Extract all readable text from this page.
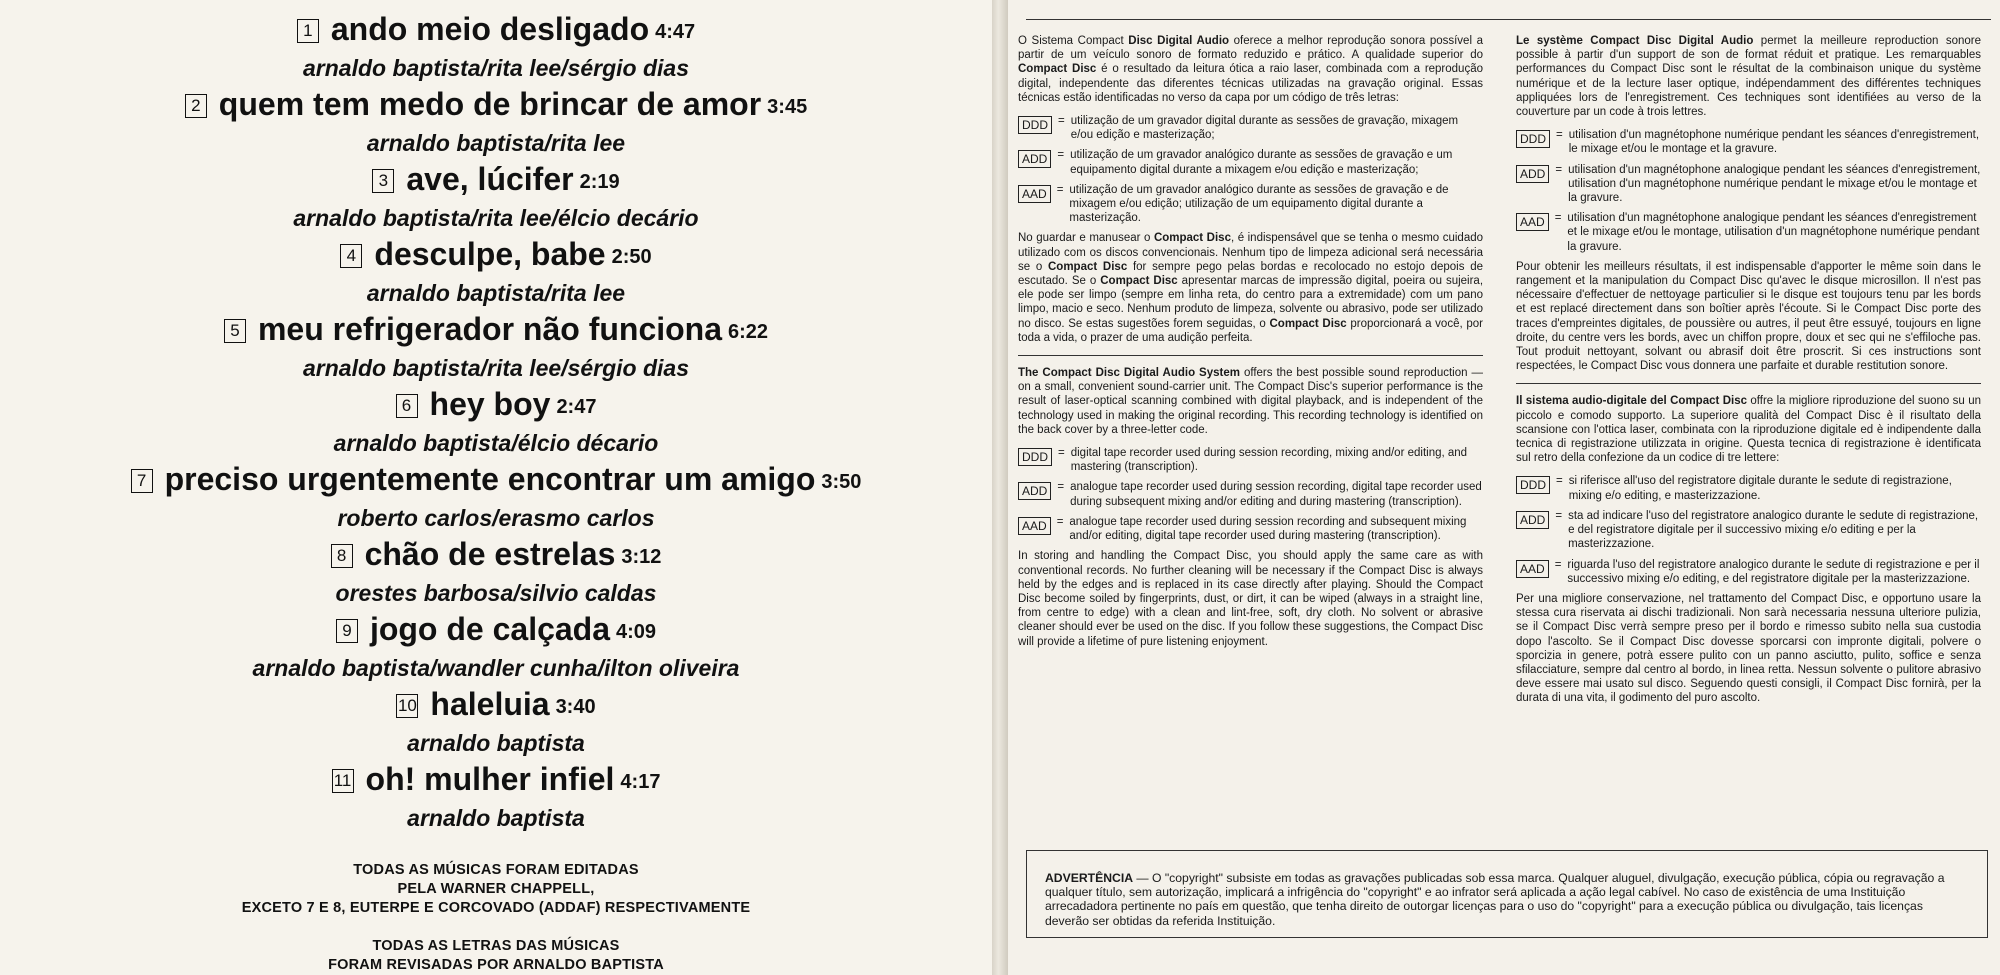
1 ando meio desligado 4:47
arnaldo baptista/rita lee/sérgio dias
2 quem tem medo de brincar de amor 3:45
arnaldo baptista/rita lee
3 ave, lúcifer 2:19
arnaldo baptista/rita lee/élcio decário
4 desculpe, babe 2:50
arnaldo baptista/rita lee
5 meu refrigerador não funciona 6:22
arnaldo baptista/rita lee/sérgio dias
6 hey boy 2:47
arnaldo baptista/élcio décario
7 preciso urgentemente encontrar um amigo 3:50
roberto carlos/erasmo carlos
8 chão de estrelas 3:12
orestes barbosa/silvio caldas
9 jogo de calçada 4:09
arnaldo baptista/wandler cunha/ilton oliveira
10 haleluia 3:40
arnaldo baptista
11 oh! mulher infiel 4:17
arnaldo baptista

TODAS AS MÚSICAS FORAM EDITADAS

PELA WARNER CHAPPELL,

EXCETO 7 E 8, EUTERPE E CORCOVADO (ADDAF) RESPECTIVAMENTE

TODAS AS LETRAS DAS MÚSICAS

FORAM REVISADAS POR ARNALDO BAPTISTA

O Sistema Compact Disc Digital Audio oferece a melhor reprodução sonora possível a partir de um veículo sonoro de formato reduzido e prático. A qualidade superior do Compact Disc é o resultado da leitura ótica a raio laser, combinada com a reprodução digital, independente das diferentes técnicas utilizadas na gravação original. Essas técnicas estão identificadas no verso da capa por um código de três letras:

DDD = utilização de um gravador digital durante as sessões de gravação, mixagem e/ou edição e masterização;
ADD = utilização de um gravador analógico durante as sessões de gravação e um equipamento digital durante a mixagem e/ou edição e masterização;
AAD = utilização de um gravador analógico durante as sessões de gravação e de mixagem e/ou edição; utilização de um equipamento digital durante a masterização.

No guardar e manusear o Compact Disc, é indispensável que se tenha o mesmo cuidado utilizado com os discos convencionais. Nenhum tipo de limpeza adicional será necessária se o Compact Disc for sempre pego pelas bordas e recolocado no estojo depois de escutado. Se o Compact Disc apresentar marcas de impressão digital, poeira ou sujeira, ele pode ser limpo (sempre em linha reta, do centro para a extremidade) com um pano limpo, macio e seco. Nenhum produto de limpeza, solvente ou abrasivo, pode ser utilizado no disco. Se estas sugestões forem seguidas, o Compact Disc proporcionará a você, por toda a vida, o prazer de uma audição perfeita.

The Compact Disc Digital Audio System offers the best possible sound reproduction — on a small, convenient sound-carrier unit. The Compact Disc's superior performance is the result of laser-optical scanning combined with digital playback, and is independent of the technology used in making the original recording. This recording technology is identified on the back cover by a three-letter code.

DDD = digital tape recorder used during session recording, mixing and/or editing, and mastering (transcription).
ADD = analogue tape recorder used during session recording, digital tape recorder used during subsequent mixing and/or editing and during mastering (transcription).
AAD = analogue tape recorder used during session recording and subsequent mixing and/or editing, digital tape recorder used during mastering (transcription).

In storing and handling the Compact Disc, you should apply the same care as with conventional records. No further cleaning will be necessary if the Compact Disc is always held by the edges and is replaced in its case directly after playing. Should the Compact Disc become soiled by fingerprints, dust, or dirt, it can be wiped (always in a straight line, from centre to edge) with a clean and lint-free, soft, dry cloth. No solvent or abrasive cleaner should ever be used on the disc. If you follow these suggestions, the Compact Disc will provide a lifetime of pure listening enjoyment.

Le système Compact Disc Digital Audio permet la meilleure reproduction sonore possible à partir d'un support de son de format réduit et pratique. Les remarquables performances du Compact Disc sont le résultat de la combinaison unique du système numérique et de la lecture laser optique, indépendamment des différentes techniques appliquées lors de l'enregistrement. Ces techniques sont identifiées au verso de la couverture par un code à trois lettres.

DDD = utilisation d'un magnétophone numérique pendant les séances d'enregistrement, le mixage et/ou le montage et la gravure.
ADD = utilisation d'un magnétophone analogique pendant les séances d'enregistrement, utilisation d'un magnétophone numérique pendant le mixage et/ou le montage et la gravure.
AAD = utilisation d'un magnétophone analogique pendant les séances d'enregistrement et le mixage et/ou le montage, utilisation d'un magnétophone numérique pendant la gravure.

Pour obtenir les meilleurs résultats, il est indispensable d'apporter le même soin dans le rangement et la manipulation du Compact Disc qu'avec le disque microsillon. Il n'est pas nécessaire d'effectuer de nettoyage particulier si le disque est toujours tenu par les bords et est replacé directement dans son boîtier après l'écoute. Si le Compact Disc porte des traces d'empreintes digitales, de poussière ou autres, il peut être essuyé, toujours en ligne droite, du centre vers les bords, avec un chiffon propre, doux et sec qui ne s'effiloche pas. Tout produit nettoyant, solvant ou abrasif doit être proscrit. Si ces instructions sont respectées, le Compact Disc vous donnera une parfaite et durable restitution sonore.

Il sistema audio-digitale del Compact Disc offre la migliore riproduzione del suono su un piccolo e comodo supporto. La superiore qualità del Compact Disc è il risultato della scansione con l'ottica laser, combinata con la riproduzione digitale ed è indipendente dalla tecnica di registrazione utilizzata in origine. Questa tecnica di registrazione è identificata sul retro della confezione da un codice di tre lettere:

DDD = si riferisce all'uso del registratore digitale durante le sedute di registrazione, mixing e/o editing, e masterizzazione.
ADD = sta ad indicare l'uso del registratore analogico durante le sedute di registrazione, e del registratore digitale per il successivo mixing e/o editing e per la masterizzazione.
AAD = riguarda l'uso del registratore analogico durante le sedute di registrazione e per il successivo mixing e/o editing, e del registratore digitale per la masterizzazione.

Per una migliore conservazione, nel trattamento del Compact Disc, e opportuno usare la stessa cura riservata ai dischi tradizionali. Non sarà necessaria nessuna ulteriore pulizia, se il Compact Disc verrà sempre preso per il bordo e rimesso subito nella sua custodia dopo l'ascolto. Se il Compact Disc dovesse sporcarsi con impronte digitali, polvere o sporcizia in genere, potrà essere pulito con un panno asciutto, pulito, soffice e senza sfilacciature, sempre dal centro al bordo, in linea retta. Nessun solvente o pulitore abrasivo deve essere mai usato sul disco. Seguendo questi consigli, il Compact Disc fornirà, per la durata di una vita, il godimento del puro ascolto.

ADVERTÊNCIA — O "copyright" subsiste em todas as gravações publicadas sob essa marca. Qualquer aluguel, divulgação, execução pública, cópia ou regravação a qualquer título, sem autorização, implicará a infrigência do "copyright" e ao infrator será aplicada a ação legal cabível. No caso de existência de uma Instituição arrecadadora pertinente no país em questão, que tenha direito de outorgar licenças para o uso do "copyright" para a execução pública ou divulgação, tais licenças deverão ser obtidas da referida Instituição.
